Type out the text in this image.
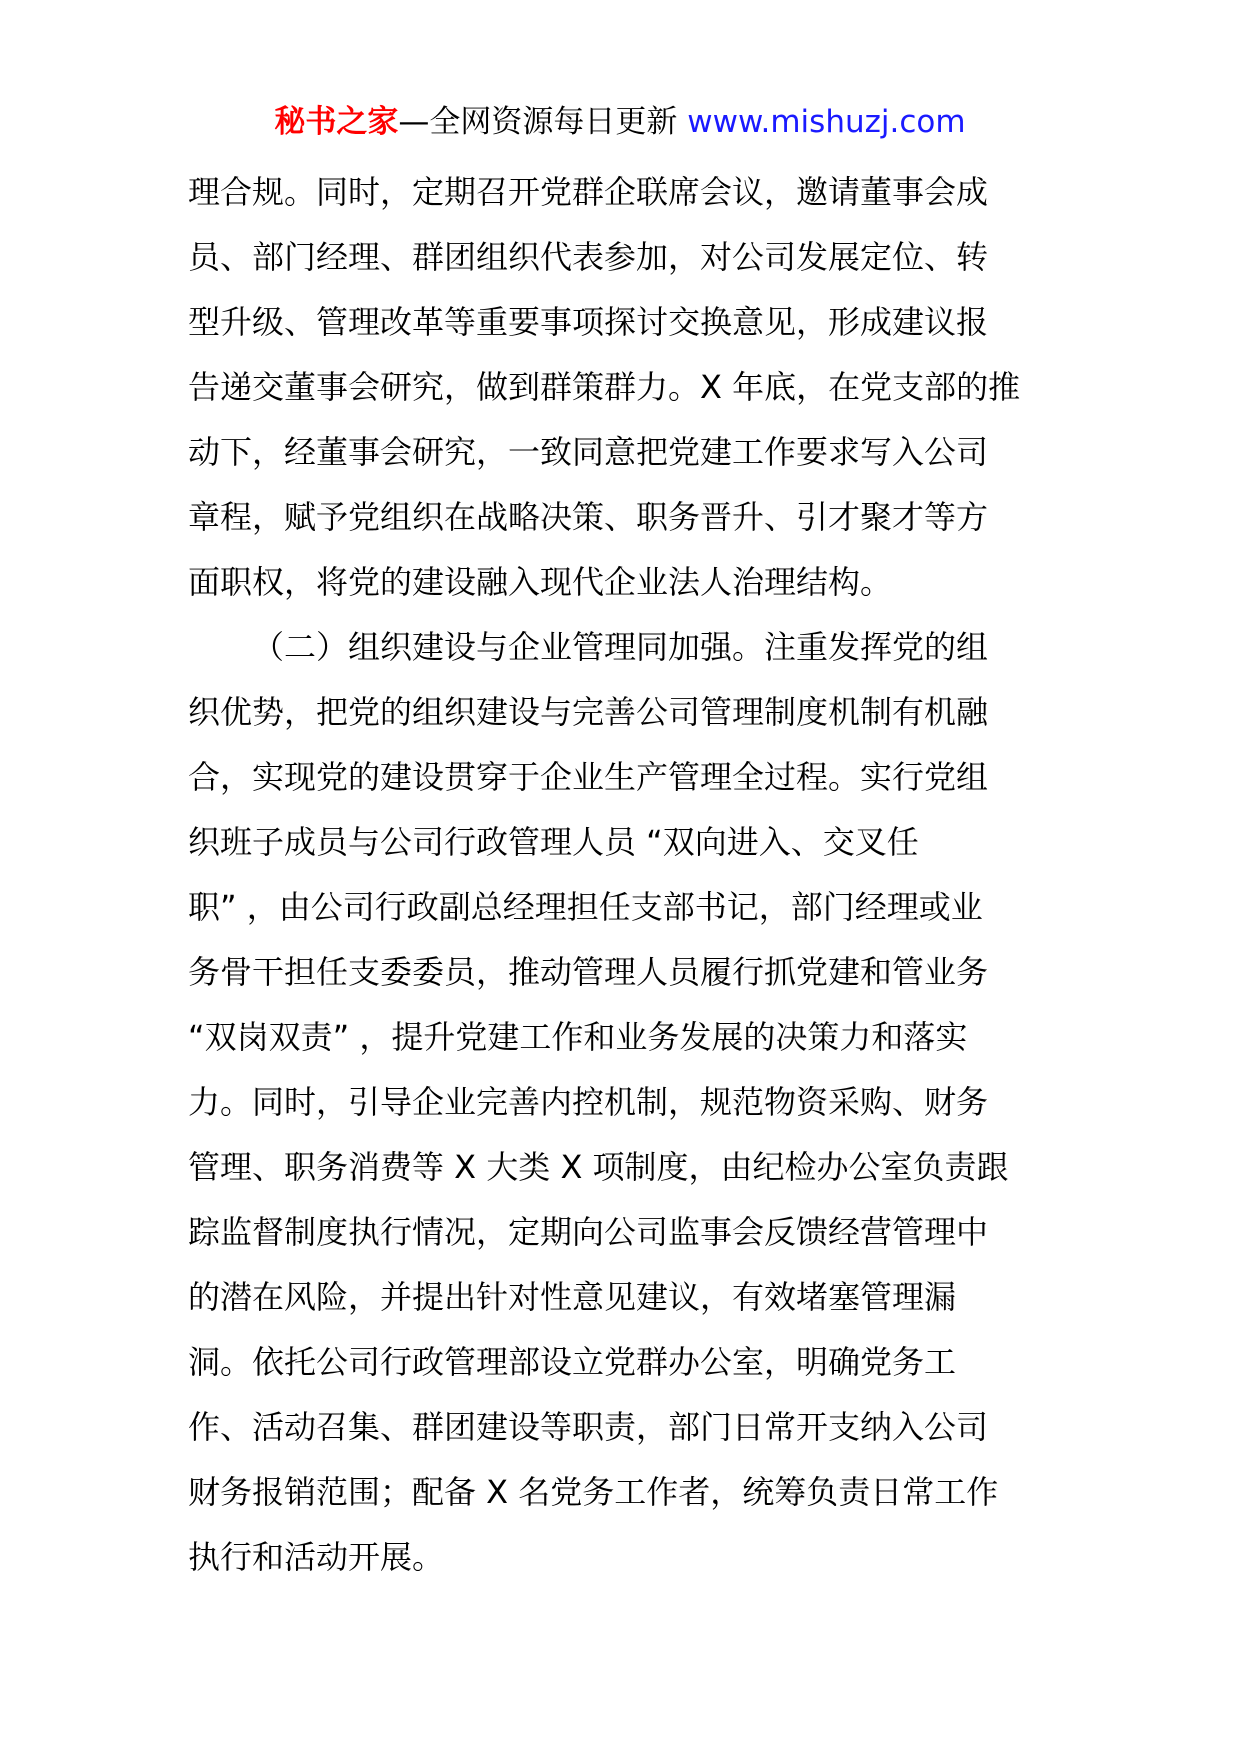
秘书之家—全网资源每日更新 www.mishuzj.com
理合规。同时，定期召开党群企联席会议，邀请董事会成
员、部门经理、群团组织代表参加，对公司发展定位、转
型升级、管理改革等重要事项探讨交换意见，形成建议报
告递交董事会研究，做到群策群力。X 年底，在党支部的推
动下，经董事会研究，一致同意把党建工作要求写入公司
章程，赋予党组织在战略决策、职务晋升、引才聚才等方
面职权，将党的建设融入现代企业法人治理结构。
（二）组织建设与企业管理同加强。注重发挥党的组
织优势，把党的组织建设与完善公司管理制度机制有机融
合，实现党的建设贯穿于企业生产管理全过程。实行党组
织班子成员与公司行政管理人员 “双向进入、交叉任
职” ，由公司行政副总经理担任支部书记，部门经理或业
务骨干担任支委委员，推动管理人员履行抓党建和管业务
“双岗双责” ，提升党建工作和业务发展的决策力和落实
力。同时，引导企业完善内控机制，规范物资采购、财务
管理、职务消费等 X 大类 X 项制度，由纪检办公室负责跟
踪监督制度执行情况，定期向公司监事会反馈经营管理中
的潜在风险，并提出针对性意见建议，有效堵塞管理漏
洞。依托公司行政管理部设立党群办公室，明确党务工
作、活动召集、群团建设等职责，部门日常开支纳入公司
财务报销范围；配备 X 名党务工作者，统筹负责日常工作
执行和活动开展。
